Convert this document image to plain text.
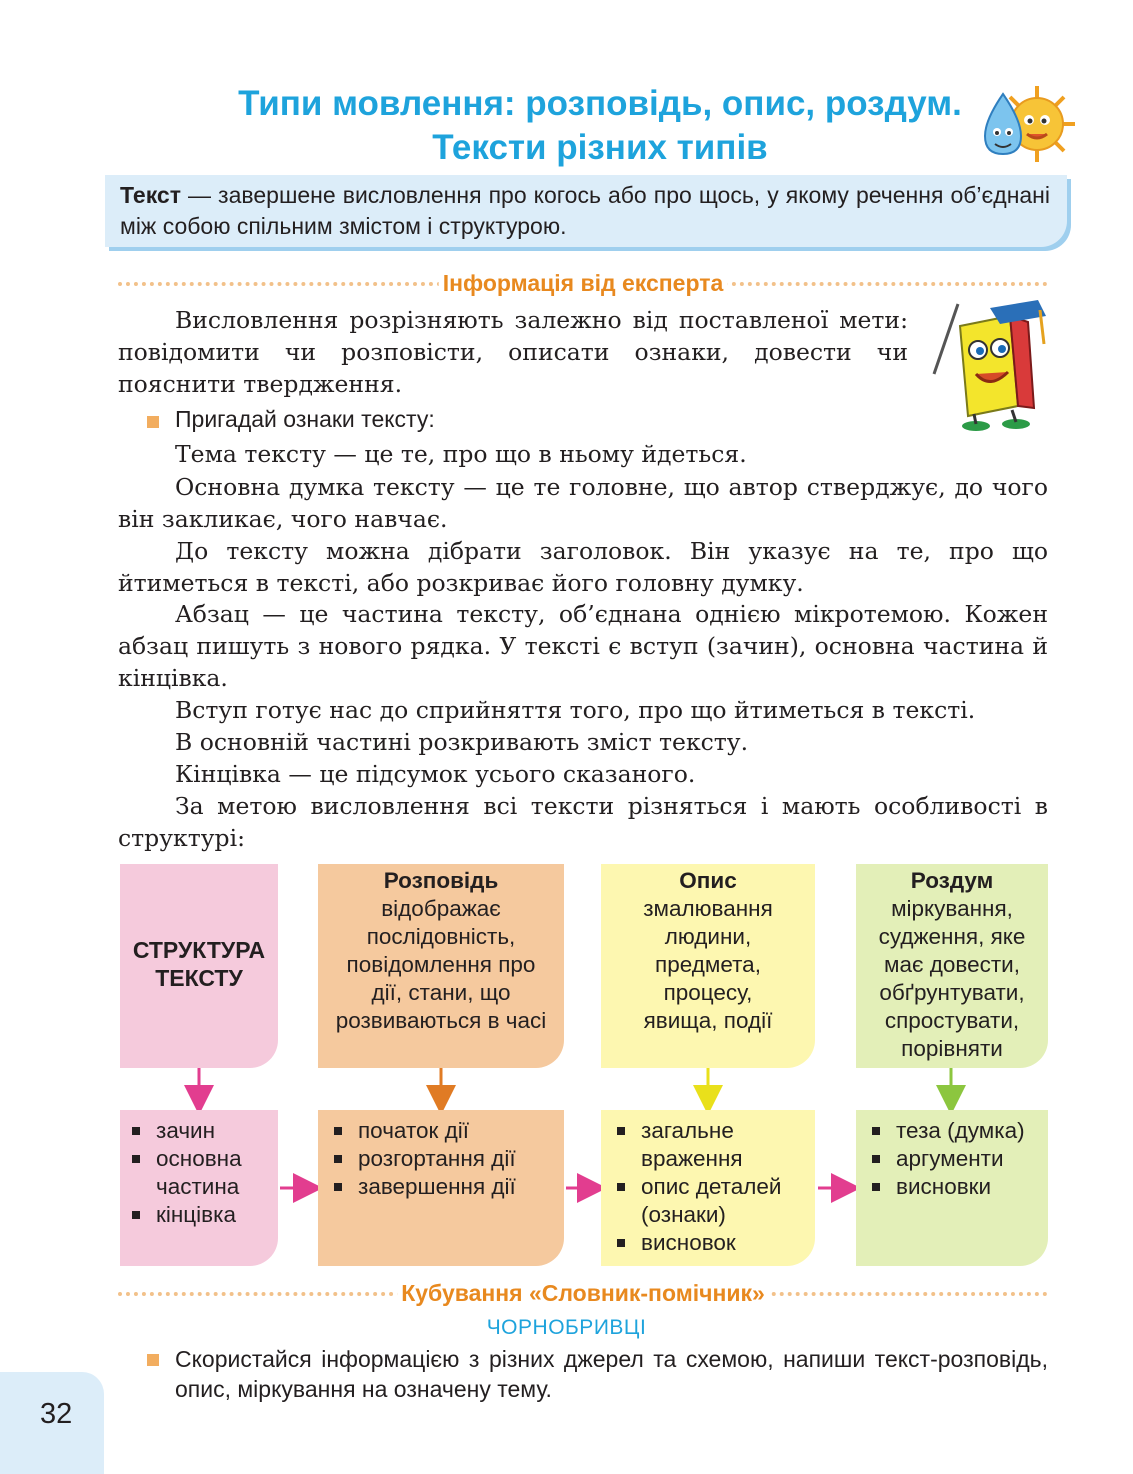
Типи мовлення: розповідь, опис, роздум.
Тексти різних типів
Текст — завершене висловлення про когось або про щось, у якому речення об’єднані між собою спільним змістом і структурою.
Інформація від експерта
Висловлення розрізняють залежно від поставленої мети: повідомити чи розповісти, описати ознаки, довести чи пояснити твердження.
Пригадай ознаки тексту:
Тема тексту — це те, про що в ньому йдеться.
Основна думка тексту — це те головне, що автор стверджує, до чого він закликає, чого навчає.
До тексту можна дібрати заголовок. Він указує на те, про що йтиметься в тексті, або розкриває його головну думку.
Абзац — це частина тексту, об’єднана однією мікротемою. Кожен абзац пишуть з нового рядка. У тексті є вступ (зачин), основна частина й кінцівка.
Вступ готує нас до сприйняття того, про що йтиметься в тексті.
В основній частині розкривають зміст тексту.
Кінцівка — це підсумок усього сказаного.
За метою висловлення всі тексти різняться і мають особливості в структурі:
СТРУКТУРА
ТЕКСТУ
Розповідь
відображає послідовність, повідомлення про дії, стани, що розвиваються в часі
Опис
змалювання людини, предмета, процесу, явища, події
Роздум
міркування, судження, яке має довести, обґрунтувати, спростувати, порівняти
зачин
основна частина
кінцівка
початок дії
розгортання дії
завершення дії
загальне враження
опис деталей (ознаки)
висновок
теза (думка)
аргументи
висновки
Кубування «Словник-помічник»
ЧОРНОБРИВЦІ
Скористайся інформацією з різних джерел та схемою, напиши текст-розповідь, опис, міркування на означену тему.
32
